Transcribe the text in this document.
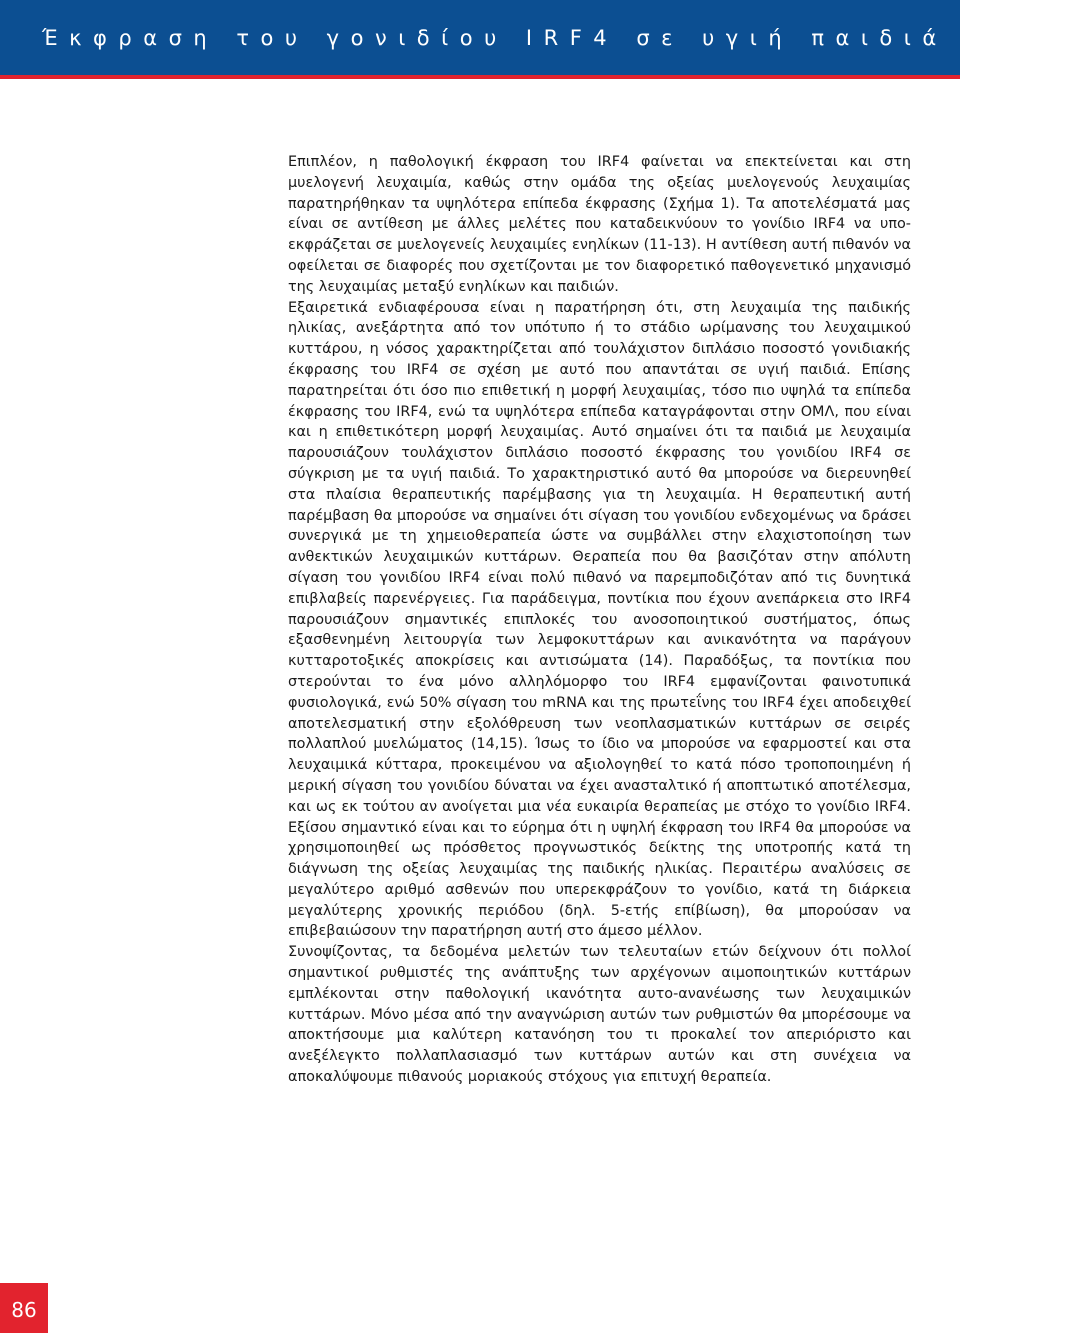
Έκφραση του γονιδίου IRF4 σε υγιή παιδιά και σ

Επιπλέον, η παθολογική έκφραση του IRF4 φαίνεται να επεκτείνεται και στη μυελογενή λευχαιμία, καθώς στην ομάδα της οξείας μυελογενούς λευχαιμίας παρατηρήθηκαν τα υψηλότερα επίπεδα έκφρασης (Σχήμα 1). Τα αποτελέσματά μας είναι σε αντίθεση με άλλες μελέτες που καταδεικνύουν το γονίδιο IRF4 να υπο-εκφράζεται σε μυελογενείς λευχαιμίες ενηλίκων (11-13). Η αντίθεση αυτή πιθανόν να οφείλεται σε διαφορές που σχετίζονται με τον διαφορετικό παθογενετικό μηχανισμό της λευχαιμίας μεταξύ ενηλίκων και παιδιών.

Εξαιρετικά ενδιαφέρουσα είναι η παρατήρηση ότι, στη λευχαιμία της παιδικής ηλικίας, ανεξάρτητα από τον υπότυπο ή το στάδιο ωρίμανσης του λευχαιμικού κυττάρου, η νόσος χαρακτηρίζεται από τουλάχιστον διπλάσιο ποσοστό γονιδιακής έκφρασης του IRF4 σε σχέση με αυτό που απαντάται σε υγιή παιδιά. Επίσης παρατηρείται ότι όσο πιο επιθετική η μορφή λευχαιμίας, τόσο πιο υψηλά τα επίπεδα έκφρασης του IRF4, ενώ τα υψηλότερα επίπεδα καταγράφονται στην ΟΜΛ, που είναι και η επιθετικότερη μορφή λευχαιμίας. Αυτό σημαίνει ότι τα παιδιά με λευχαιμία παρουσιάζουν τουλάχιστον διπλάσιο ποσοστό έκφρασης του γονιδίου IRF4 σε σύγκριση με τα υγιή παιδιά. Το χαρακτηριστικό αυτό θα μπορούσε να διερευνηθεί στα πλαίσια θεραπευτικής παρέμβασης για τη λευχαιμία. Η θεραπευτική αυτή παρέμβαση θα μπορούσε να σημαίνει ότι σίγαση του γονιδίου ενδεχομένως να δράσει συνεργικά με τη χημειοθεραπεία ώστε να συμβάλλει στην ελαχιστοποίηση των ανθεκτικών λευχαιμικών κυττάρων. Θεραπεία που θα βασιζόταν στην απόλυτη σίγαση του γονιδίου IRF4 είναι πολύ πιθανό να παρεμποδιζόταν από τις δυνητικά επιβλαβείς παρενέργειες. Για παράδειγμα, ποντίκια που έχουν ανεπάρκεια στο IRF4 παρουσιάζουν σημαντικές επιπλοκές του ανοσοποιητικού συστήματος, όπως εξασθενημένη λειτουργία των λεμφοκυττάρων και ανικανότητα να παράγουν κυτταροτοξικές αποκρίσεις και αντισώματα (14). Παραδόξως, τα ποντίκια που στερούνται το ένα μόνο αλληλόμορφο του IRF4 εμφανίζονται φαινοτυπικά φυσιολογικά, ενώ 50% σίγαση του mRNA και της πρωτεΐνης του IRF4 έχει αποδειχθεί αποτελεσματική στην εξολόθρευση των νεοπλασματικών κυττάρων σε σειρές πολλαπλού μυελώματος (14,15). Ίσως το ίδιο να μπορούσε να εφαρμοστεί και στα λευχαιμικά κύτταρα, προκειμένου να αξιολογηθεί το κατά πόσο τροποποιημένη ή μερική σίγαση του γονιδίου δύναται να έχει ανασταλτικό ή αποπτωτικό αποτέλεσμα, και ως εκ τούτου αν ανοίγεται μια νέα ευκαιρία θεραπείας με στόχο το γονίδιο IRF4. Εξίσου σημαντικό είναι και το εύρημα ότι η υψηλή έκφραση του IRF4 θα μπορούσε να χρησιμοποιηθεί ως πρόσθετος προγνωστικός δείκτης της υποτροπής κατά τη διάγνωση της οξείας λευχαιμίας της παιδικής ηλικίας. Περαιτέρω αναλύσεις σε μεγαλύτερο αριθμό ασθενών που υπερεκφράζουν το γονίδιο, κατά τη διάρκεια μεγαλύτερης χρονικής περιόδου (δηλ. 5-ετής επίβίωση), θα μπορούσαν να επιβεβαιώσουν την παρατήρηση αυτή στο άμεσο μέλλον.

Συνοψίζοντας, τα δεδομένα μελετών των τελευταίων ετών δείχνουν ότι πολλοί σημαντικοί ρυθμιστές της ανάπτυξης των αρχέγονων αιμοποιητικών κυττάρων εμπλέκονται στην παθολογική ικανότητα αυτο-ανανέωσης των λευχαιμικών κυττάρων. Μόνο μέσα από την αναγνώριση αυτών των ρυθμιστών θα μπορέσουμε να αποκτήσουμε μια καλύτερη κατανόηση του τι προκαλεί τον απεριόριστο και ανεξέλεγκτο πολλαπλασιασμό των κυττάρων αυτών και στη συνέχεια να αποκαλύψουμε πιθανούς μοριακούς στόχους για επιτυχή θεραπεία.

86
